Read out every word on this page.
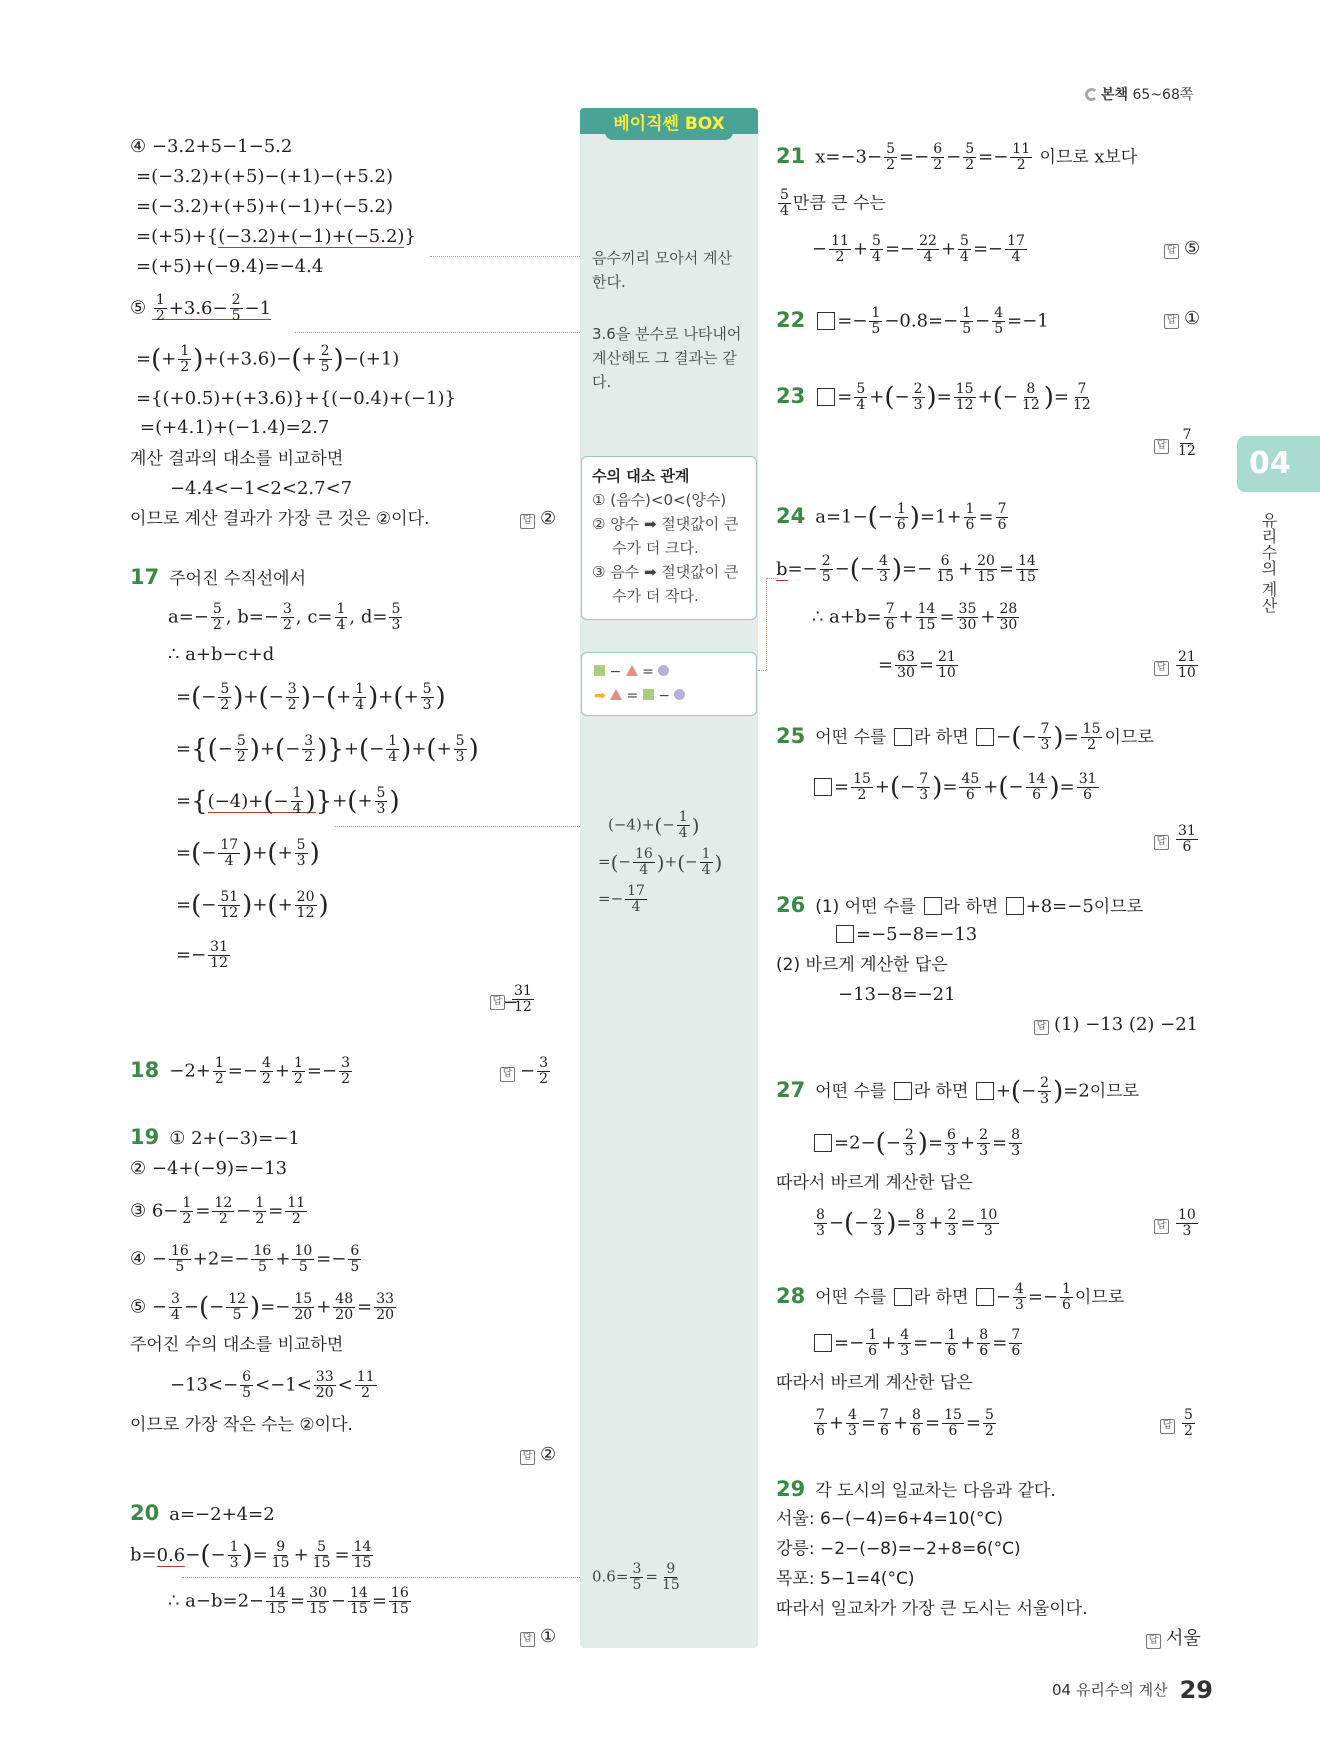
본책 65~68쪽
베이직쎈 BOX
04
유리수의 계산
④ −3.2+5−1−5.2
=(−3.2)+(+5)−(+1)−(+5.2)
=(−3.2)+(+5)+(−1)+(−5.2)
=(+5)+{(−3.2)+(−1)+(−5.2)}
=(+5)+(−9.4)=−4.4
⑤ $\frac{1}{2} +3.6- \frac{2}{5} -1$
=(+ $\frac{1}{2} )+(+3.6)-(+ \frac{2}{5} )-(+1)$
={(+0.5)+(+3.6)}+{(−0.4)+(−1)}
=(+4.1)+(−1.4)=2.7
계산 결과의 대소를 비교하면
−4.4<−1<2<2.7<7
이므로 계산 결과가 가장 큰 것은 ②이다.	답 ②
17 주어진 수직선에서
$a=- \frac{5}{2}$ , $b=- \frac{3}{2}$ , $c= \frac{1}{4}$ , $d= \frac{5}{3}$
∴ a+b−c+d
=(− $\frac{5}{2}$ )+(− $\frac{3}{2}$ )−(+ $\frac{1}{4}$ )+(+ $\frac{5}{3}$ )
={(− $\frac{5}{2}$ )+(− $\frac{3}{2}$ )}+(− $\frac{1}{4}$ )+(+ $\frac{5}{3}$ )
$=\{(-4)+(- \frac{1}{4}$ )}+(+ $\frac{5}{3}$ )
=(− $\frac{17}{4}$ )+(+ $\frac{5}{3}$ )
=(− $\frac{51}{12}$ )+(+ $\frac{20}{12}$ )
=− $\frac{31}{12}$
답 $\frac{31}{12}$
−
$18 -2+ \frac{1}{2} =- \frac{4}{2} + \frac{1}{2} =- \frac{3}{2}$	답 − $\frac{3}{2}$
19 ① 2+(−3)=−1
② −4+(−9)=−13
③ $6- \frac{1}{2} = \frac{12}{2} - \frac{1}{2} = \frac{11}{2}$
④ − $\frac{16}{5} +2=- \frac{16}{5} + \frac{10}{5} =- \frac{6}{5}$
⑤ − $\frac{3}{4}$ −(− $\frac{12}{5}$ )=− $\frac{15}{20} + \frac{48}{20} = \frac{33}{20}$
주어진 수의 대소를 비교하면
$-13<- \frac{6}{5} <-1< \frac{33}{20} < \frac{11}{2}$
이므로 가장 작은 수는 ②이다.
답 ②
20 a=−2+4=2
$b=0.6-(- \frac{1}{3}$ )= $\frac{9}{15} + \frac{5}{15} = \frac{14}{15}$
∴ $a-b=2- \frac{14}{15} = \frac{30}{15} - \frac{14}{15} = \frac{16}{15}$
답 ①
음수끼리 모아서 계산
한다.
3.6을 분수로 나타내어
계산해도 그 결과는 같
다.
수의 대소 관계
① (음수)<0<(양수)
② 양수 ➡ 절댓값이 큰
수가 더 크다.
③ 음수 ➡ 절댓값이 큰
수가 더 작다.
−  =
➡  =  −
$(-4)+(- \frac{1}{4}$ )
=(− $\frac{16}{4}$ )+(− $\frac{1}{4}$ )
=− $\frac{17}{4}$
$0.6= \frac{3}{5} = \frac{9}{15}$
21 $x=-3- \frac{5}{2} =- \frac{6}{2} - \frac{5}{2} =- \frac{11}{2}$ 이므로 x보다
$\frac{5}{4}$ 만큼 큰 수는
− $\frac{11}{2} + \frac{5}{4} =- \frac{22}{4} + \frac{5}{4} =- \frac{17}{4}$	답 ⑤
$22 =- \frac{1}{5} -0.8=- \frac{1}{5} - \frac{4}{5} =-1$	답 ①
$23 = \frac{5}{4}$ +(− $\frac{2}{3}$ )= $\frac{15}{12}$ +(− $\frac{8}{12}$ )= $\frac{7}{12}$
답 $\frac{7}{12}$
24 $a=1-(- \frac{1}{6} )=1+ \frac{1}{6} = \frac{7}{6}$
$b=- \frac{2}{5}$ −(− $\frac{4}{3}$ )=− $\frac{6}{15} + \frac{20}{15} = \frac{14}{15}$
∴ $a+b= \frac{7}{6} + \frac{14}{15} = \frac{35}{30} + \frac{28}{30}$
= $\frac{63}{30} = \frac{21}{10}$	답 $\frac{21}{10}$
25 어떤 수를 라 하면 −(− $\frac{7}{3}$ )= $\frac{15}{2}$ 이므로
= $\frac{15}{2}$ +(− $\frac{7}{3}$ )= $\frac{45}{6}$ +(− $\frac{14}{6}$ )= $\frac{31}{6}$
답 $\frac{31}{6}$
26 (1) 어떤 수를 라 하면 +8=−5이므로
=−5−8=−13
(2) 바르게 계산한 답은
−13−8=−21
답 (1) −13 (2) −21
27 어떤 수를 라 하면 +(− $\frac{2}{3} )=2$이므로
$=2-(- \frac{2}{3}$ )= $\frac{6}{3} + \frac{2}{3} = \frac{8}{3}$
따라서 바르게 계산한 답은
$\frac{8}{3}$ −(− $\frac{2}{3}$ )= $\frac{8}{3} + \frac{2}{3} = \frac{10}{3}$	답 $\frac{10}{3}$
28 어떤 수를 라 하면 − $\frac{4}{3} =- \frac{1}{6}$ 이므로
=− $\frac{1}{6} + \frac{4}{3} =- \frac{1}{6} + \frac{8}{6} = \frac{7}{6}$
따라서 바르게 계산한 답은
$\frac{7}{6} + \frac{4}{3} = \frac{7}{6} + \frac{8}{6} = \frac{15}{6} = \frac{5}{2}$	답 $\frac{5}{2}$
29 각 도시의 일교차는 다음과 같다.
서울: 6−(−4)=6+4=10(°C)
강릉: −2−(−8)=−2+8=6(°C)
목포: 5−1=4(°C)
따라서 일교차가 가장 큰 도시는 서울이다.
답 서울
04 유리수의 계산 29
